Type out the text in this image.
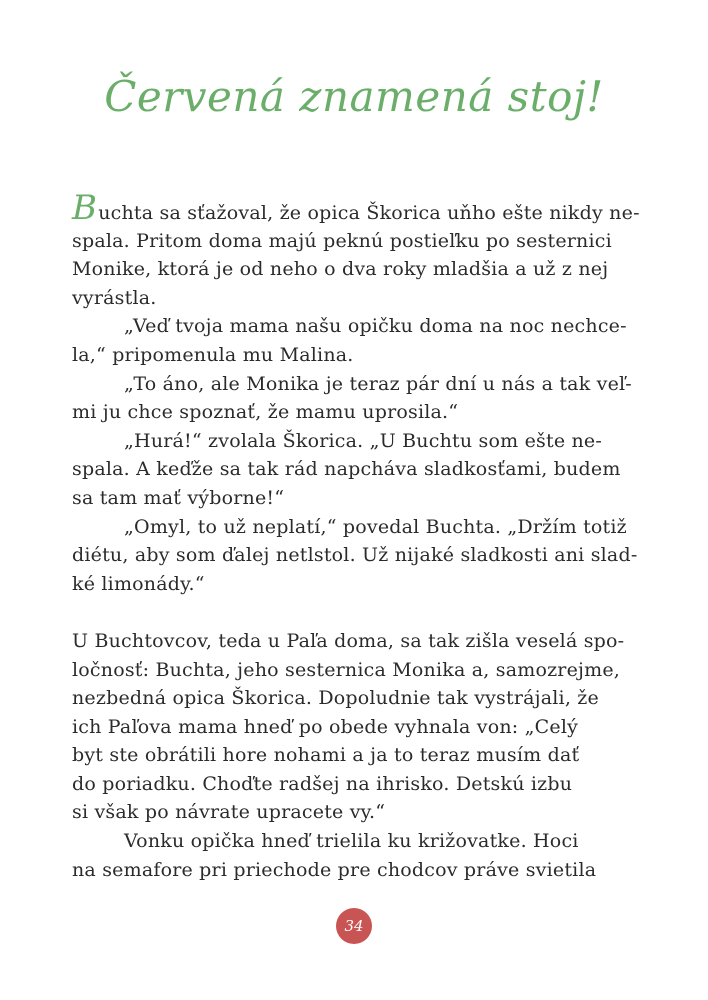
Červená znamená stoj!
Buchta sa sťažoval, že opica Škorica uňho ešte nikdy ne-
spala. Pritom doma majú peknú postieľku po sesternici
Monike, ktorá je od neho o dva roky mladšia a už z nej
vyrástla.
„Veď tvoja mama našu opičku doma na noc nechce-
la,“ pripomenula mu Malina.
„To áno, ale Monika je teraz pár dní u nás a tak veľ-
mi ju chce spoznať, že mamu uprosila.“
„Hurá!“ zvolala Škorica. „U Buchtu som ešte ne-
spala. A keďže sa tak rád napcháva sladkosťami, budem
sa tam mať výborne!“
„Omyl, to už neplatí,“ povedal Buchta. „Držím totiž
diétu, aby som ďalej netlstol. Už nijaké sladkosti ani slad-
ké limonády.“
U Buchtovcov, teda u Paľa doma, sa tak zišla veselá spo-
ločnosť: Buchta, jeho sesternica Monika a, samozrejme,
nezbedná opica Škorica. Dopoludnie tak vystrájali, že
ich Paľova mama hneď po obede vyhnala von: „Celý
byt ste obrátili hore nohami a ja to teraz musím dať
do poriadku. Choďte radšej na ihrisko. Detskú izbu
si však po návrate upracete vy.“
Vonku opička hneď trielila ku križovatke. Hoci
na semafore pri priechode pre chodcov práve svietila
34
